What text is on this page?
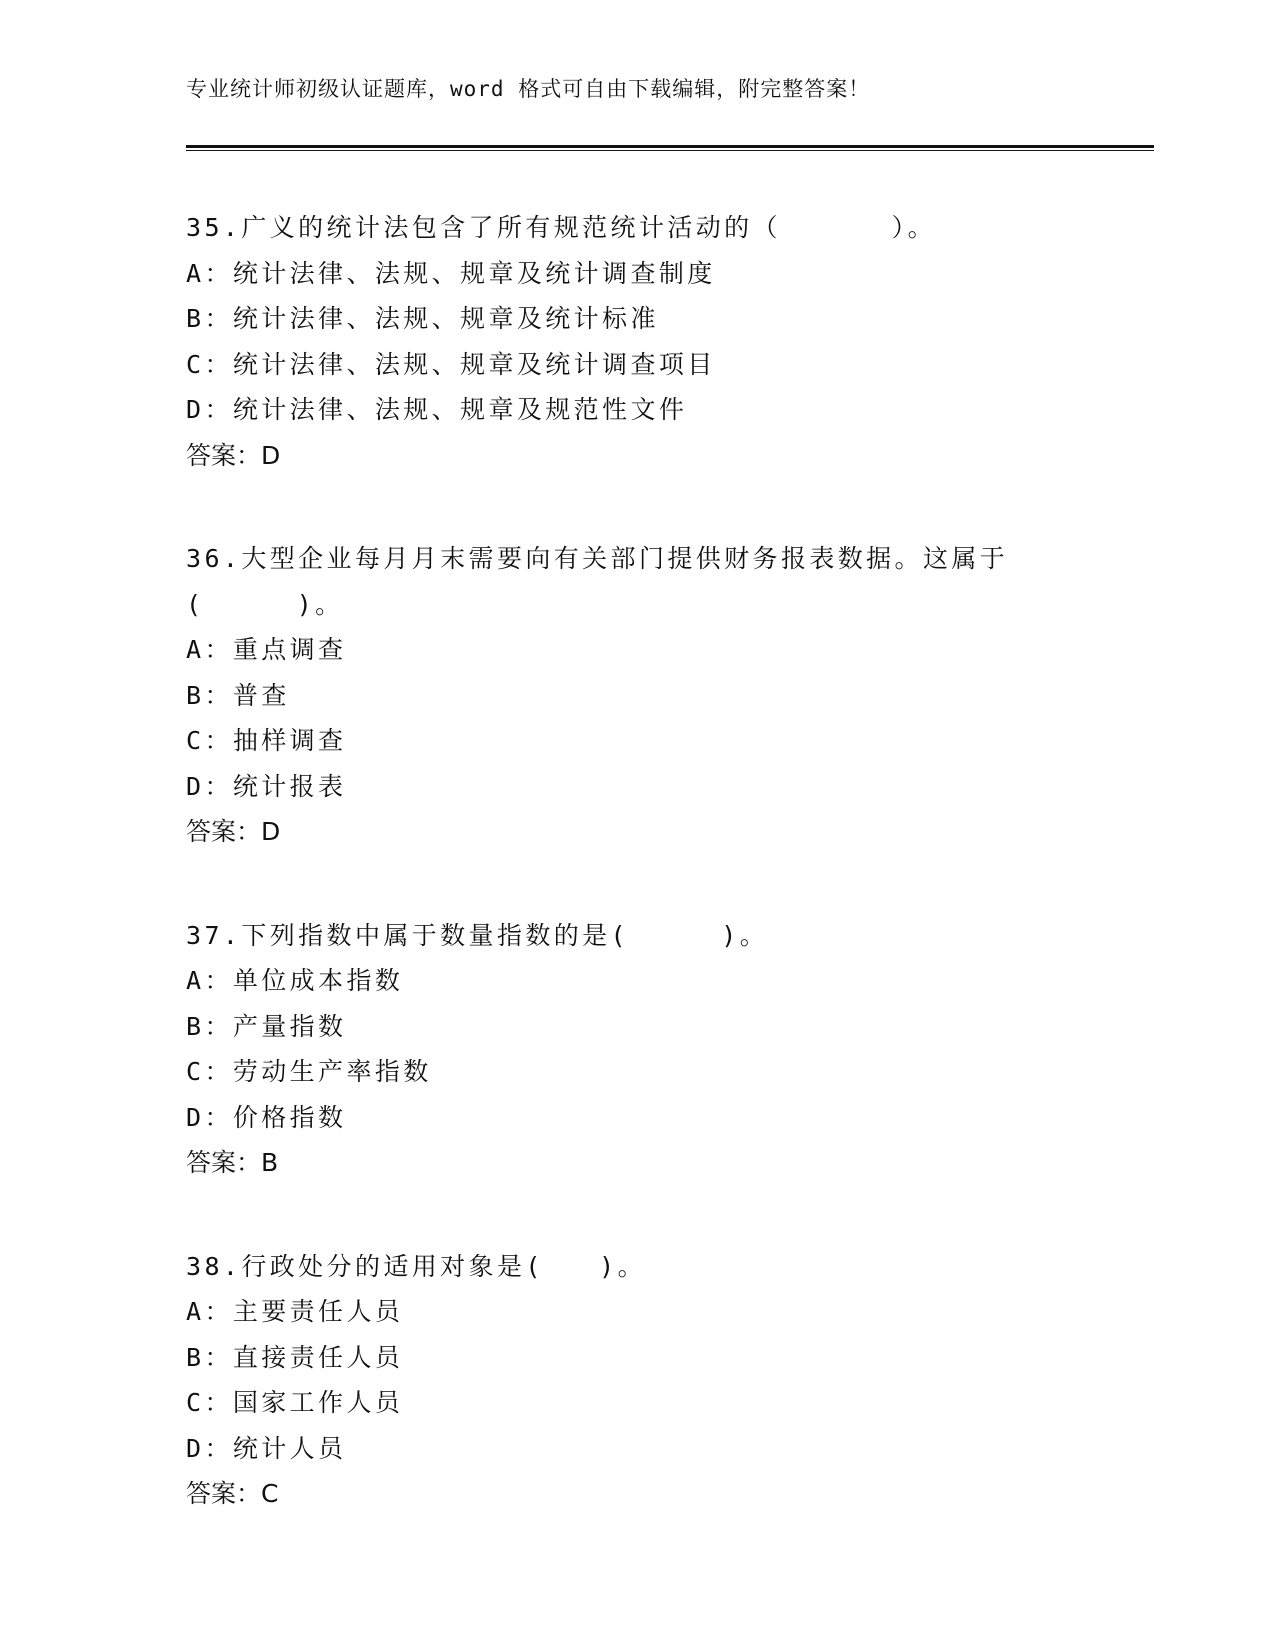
专业统计师初级认证题库，word 格式可自由下载编辑，附完整答案！
35.广义的统计法包含了所有规范统计活动的（      ）。
A：统计法律、法规、规章及统计调查制度
B：统计法律、法规、规章及统计标准
C：统计法律、法规、规章及统计调查项目
D：统计法律、法规、规章及规范性文件
答案：D
36.大型企业每月月末需要向有关部门提供财务报表数据。这属于
(     )。
A：重点调查
B：普查
C：抽样调查
D：统计报表
答案：D
37.下列指数中属于数量指数的是(     )。
A：单位成本指数
B：产量指数
C：劳动生产率指数
D：价格指数
答案：B
38.行政处分的适用对象是(   )。
A：主要责任人员
B：直接责任人员
C：国家工作人员
D：统计人员
答案：C
